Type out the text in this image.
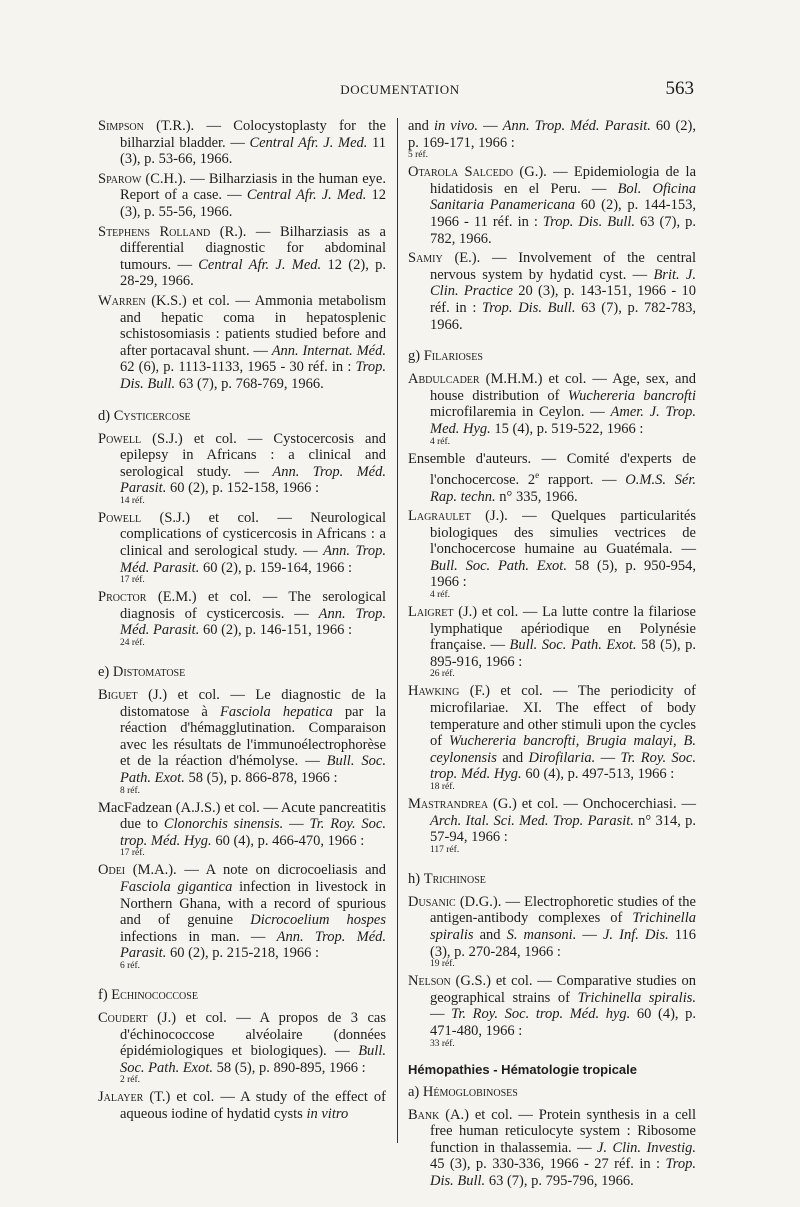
DOCUMENTATION	563

Simpson (T.R.). — Colocystoplasty for the bilharzial bladder. — Central Afr. J. Med. 11 (3), p. 53-66, 1966.

Sparow (C.H.). — Bilharziasis in the human eye. Report of a case. — Central Afr. J. Med. 12 (3), p. 55-56, 1966.

Stephens Rolland (R.). — Bilharziasis as a differential diagnostic for abdominal tumours. — Central Afr. J. Med. 12 (2), p. 28-29, 1966.

Warren (K.S.) et col. — Ammonia metabolism and hepatic coma in hepatosplenic schistosomiasis : patients studied before and after portacaval shunt. — Ann. Internat. Méd. 62 (6), p. 1113-1133, 1965 - 30 réf. in : Trop. Dis. Bull. 63 (7), p. 768-769, 1966.

d) Cysticercose

Powell (S.J.) et col. — Cystocercosis and epilepsy in Africans : a clinical and serological study. — Ann. Trop. Méd. Parasit. 60 (2), p. 152-158, 1966 :
14 réf.

Powell (S.J.) et col. — Neurological complications of cysticercosis in Africans : a clinical and serological study. — Ann. Trop. Méd. Parasit. 60 (2), p. 159-164, 1966 :
17 réf.

Proctor (E.M.) et col. — The serological diagnosis of cysticercosis. — Ann. Trop. Méd. Parasit. 60 (2), p. 146-151, 1966 :
24 réf.

e) Distomatose

Biguet (J.) et col. — Le diagnostic de la distomatose à Fasciola hepatica par la réaction d'hémagglutination. Comparaison avec les résultats de l'immunoélectrophorèse et de la réaction d'hémolyse. — Bull. Soc. Path. Exot. 58 (5), p. 866-878, 1966 :
8 réf.

MacFadzean (A.J.S.) et col. — Acute pancreatitis due to Clonorchis sinensis. — Tr. Roy. Soc. trop. Méd. Hyg. 60 (4), p. 466-470, 1966 :
17 réf.

Odei (M.A.). — A note on dicrocoeliasis and Fasciola gigantica infection in livestock in Northern Ghana, with a record of spurious and of genuine Dicrocoelium hospes infections in man. — Ann. Trop. Méd. Parasit. 60 (2), p. 215-218, 1966 :
6 réf.

f) Echinococcose

Coudert (J.) et col. — A propos de 3 cas d'échinococcose alvéolaire (données épidémiologiques et biologiques). — Bull. Soc. Path. Exot. 58 (5), p. 890-895, 1966 :
2 réf.

Jalayer (T.) et col. — A study of the effect of aqueous iodine of hydatid cysts in vitro

and in vivo. — Ann. Trop. Méd. Parasit. 60 (2), p. 169-171, 1966 :
5 réf.

Otarola Salcedo (G.). — Epidemiologia de la hidatidosis en el Peru. — Bol. Oficina Sanitaria Panamericana 60 (2), p. 144-153, 1966 - 11 réf. in : Trop. Dis. Bull. 63 (7), p. 782, 1966.

Samiy (E.). — Involvement of the central nervous system by hydatid cyst. — Brit. J. Clin. Practice 20 (3), p. 143-151, 1966 - 10 réf. in : Trop. Dis. Bull. 63 (7), p. 782-783, 1966.

g) Filarioses

Abdulcader (M.H.M.) et col. — Age, sex, and house distribution of Wuchereria bancrofti microfilaremia in Ceylon. — Amer. J. Trop. Med. Hyg. 15 (4), p. 519-522, 1966 :
4 réf.

Ensemble d'auteurs. — Comité d'experts de l'onchocercose. 2e rapport. — O.M.S. Sér. Rap. techn. n° 335, 1966.

Lagraulet (J.). — Quelques particularités biologiques des simulies vectrices de l'onchocercose humaine au Guatémala. — Bull. Soc. Path. Exot. 58 (5), p. 950-954, 1966 :
4 réf.

Laigret (J.) et col. — La lutte contre la filariose lymphatique apériodique en Polynésie française. — Bull. Soc. Path. Exot. 58 (5), p. 895-916, 1966 :
26 réf.

Hawking (F.) et col. — The periodicity of microfilariae. XI. The effect of body temperature and other stimuli upon the cycles of Wuchereria bancrofti, Brugia malayi, B. ceylonensis and Dirofilaria. — Tr. Roy. Soc. trop. Méd. Hyg. 60 (4), p. 497-513, 1966 :
18 réf.

Mastrandrea (G.) et col. — Onchocerchiasi. — Arch. Ital. Sci. Med. Trop. Parasit. n° 314, p. 57-94, 1966 :
117 réf.

h) Trichinose

Dusanic (D.G.). — Electrophoretic studies of the antigen-antibody complexes of Trichinella spiralis and S. mansoni. — J. Inf. Dis. 116 (3), p. 270-284, 1966 :
19 réf.

Nelson (G.S.) et col. — Comparative studies on geographical strains of Trichinella spiralis. — Tr. Roy. Soc. trop. Méd. hyg. 60 (4), p. 471-480, 1966 :
33 réf.

Hémopathies - Hématologie tropicale
a) Hémoglobinoses

Bank (A.) et col. — Protein synthesis in a cell free human reticulocyte system : Ribosome function in thalassemia. — J. Clin. Investig. 45 (3), p. 330-336, 1966 - 27 réf. in : Trop. Dis. Bull. 63 (7), p. 795-796, 1966.
